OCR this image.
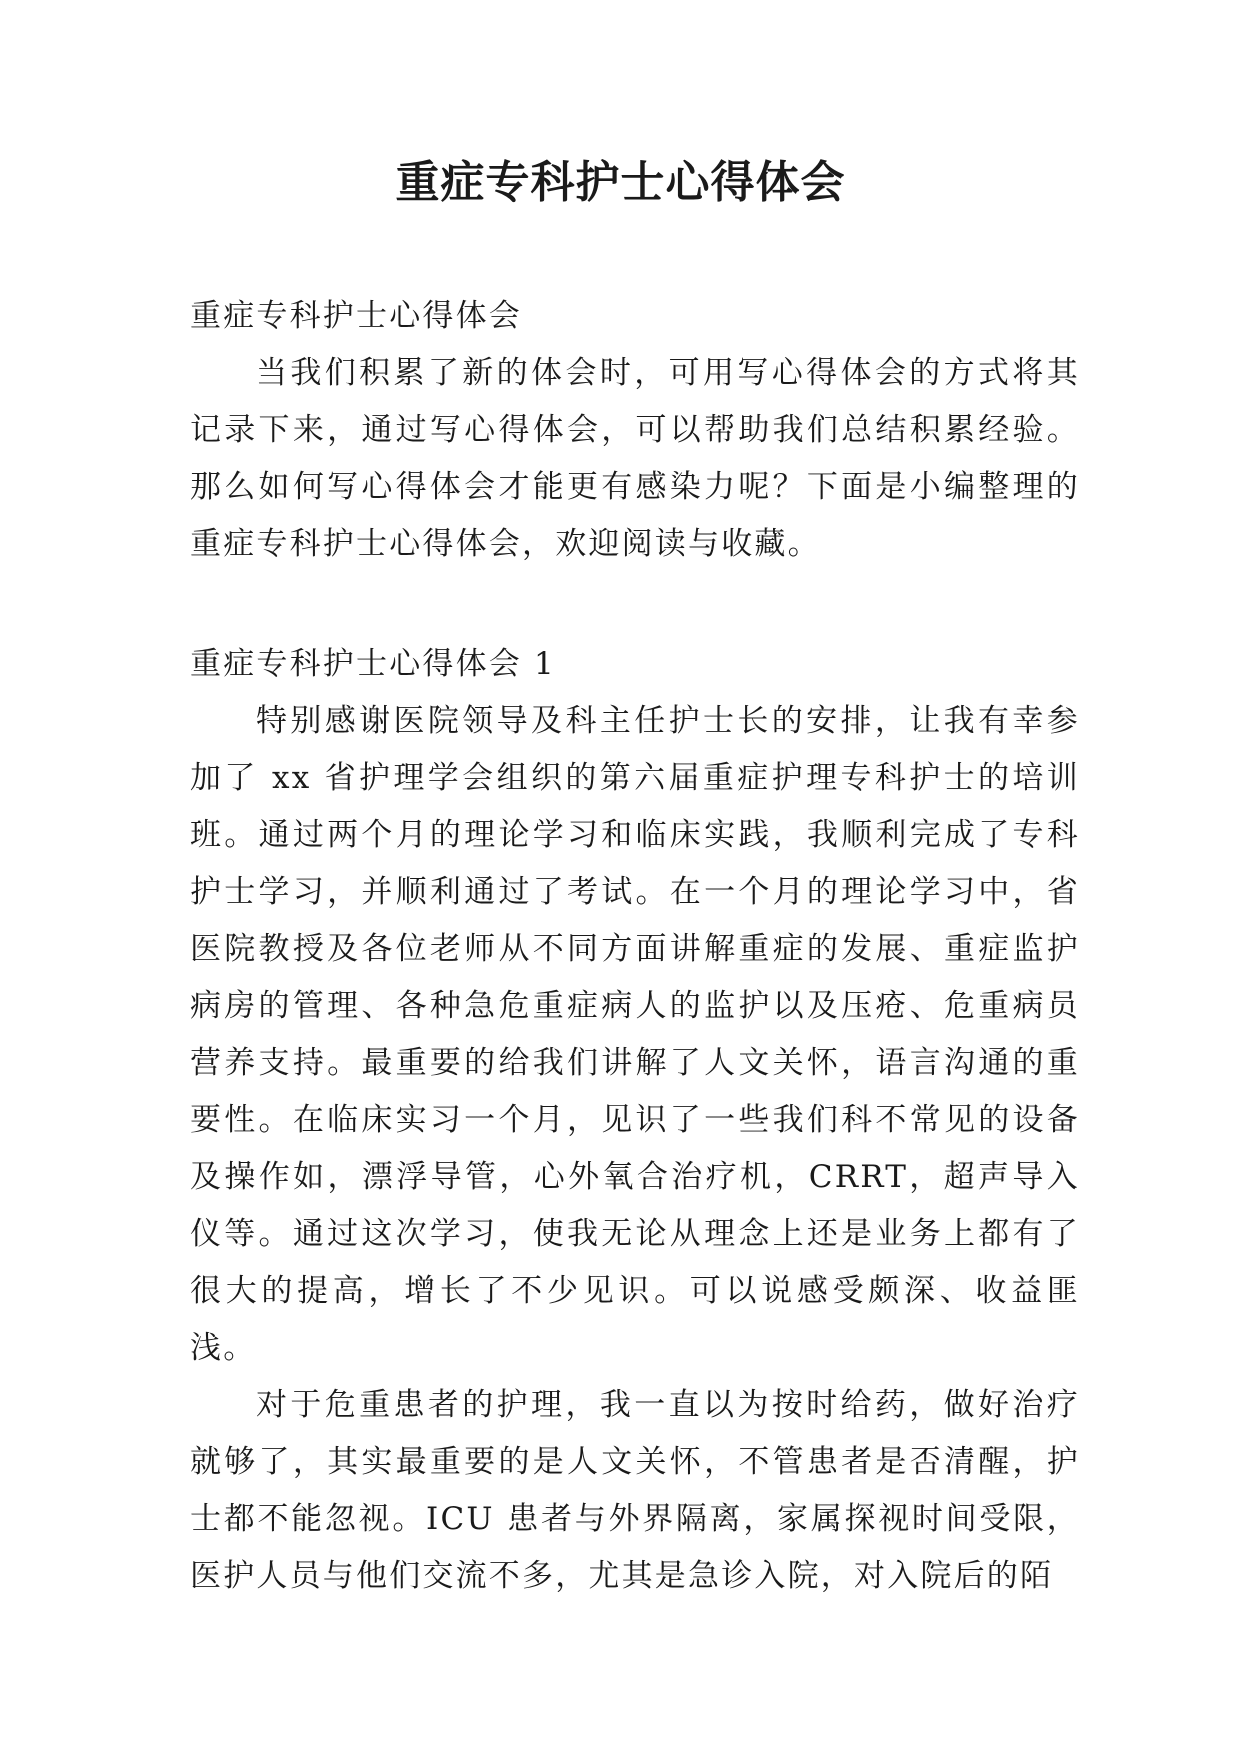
重症专科护士心得体会
重症专科护士心得体会

当我们积累了新的体会时，可用写心得体会的方式将其记录下来，通过写心得体会，可以帮助我们总结积累经验。那么如何写心得体会才能更有感染力呢？下面是小编整理的重症专科护士心得体会，欢迎阅读与收藏。

重症专科护士心得体会 1

特别感谢医院领导及科主任护士长的安排，让我有幸参加了 xx 省护理学会组织的第六届重症护理专科护士的培训班。通过两个月的理论学习和临床实践，我顺利完成了专科护士学习，并顺利通过了考试。在一个月的理论学习中，省医院教授及各位老师从不同方面讲解重症的发展、重症监护病房的管理、各种急危重症病人的监护以及压疮、危重病员营养支持。最重要的给我们讲解了人文关怀，语言沟通的重要性。在临床实习一个月，见识了一些我们科不常见的设备及操作如，漂浮导管，心外氧合治疗机，CRRT，超声导入仪等。通过这次学习，使我无论从理念上还是业务上都有了很大的提高，增长了不少见识。可以说感受颇深、收益匪浅。

对于危重患者的护理，我一直以为按时给药，做好治疗就够了，其实最重要的是人文关怀，不管患者是否清醒，护士都不能忽视。ICU 患者与外界隔离，家属探视时间受限，医护人员与他们交流不多，尤其是急诊入院，对入院后的陌
